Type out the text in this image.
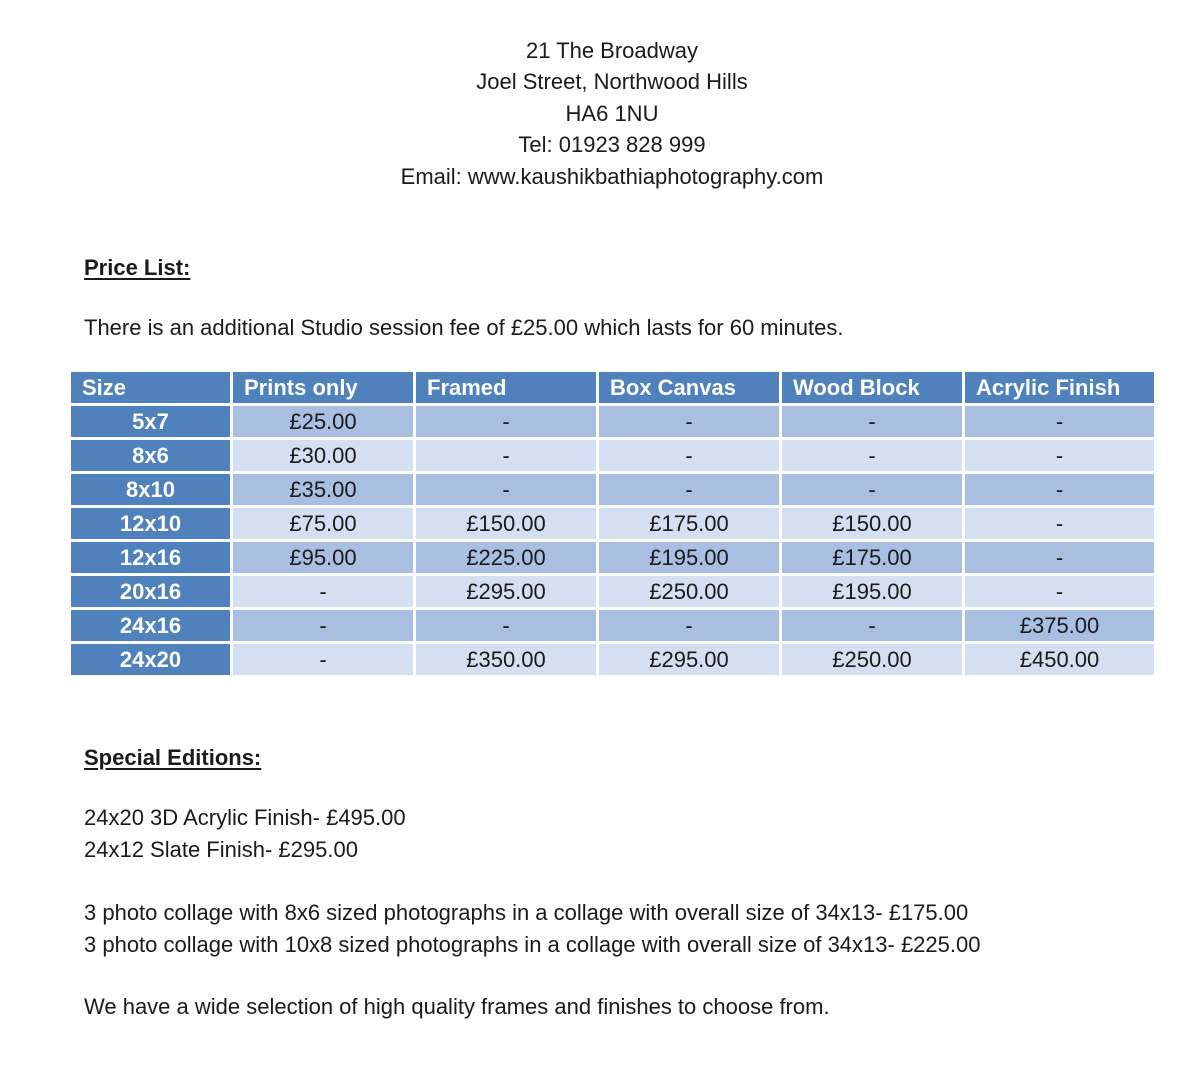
21 The Broadway
Joel Street, Northwood Hills
HA6 1NU
Tel: 01923 828 999
Email: www.kaushikbathiaphotography.com
Price List:
There is an additional Studio session fee of £25.00 which lasts for 60 minutes.
Size	Prints only	Framed	Box Canvas	Wood Block	Acrylic Finish
5x7	£25.00	-	-	-	-
8x6	£30.00	-	-	-	-
8x10	£35.00	-	-	-	-
12x10	£75.00	£150.00	£175.00	£150.00	-
12x16	£95.00	£225.00	£195.00	£175.00	-
20x16	-	£295.00	£250.00	£195.00	-
24x16	-	-	-	-	£375.00
24x20	-	£350.00	£295.00	£250.00	£450.00
Special Editions:
24x20 3D Acrylic Finish- £495.00
24x12 Slate Finish- £295.00
3 photo collage with 8x6 sized photographs in a collage with overall size of 34x13- £175.00
3 photo collage with 10x8 sized photographs in a collage with overall size of 34x13- £225.00
We have a wide selection of high quality frames and finishes to choose from.
